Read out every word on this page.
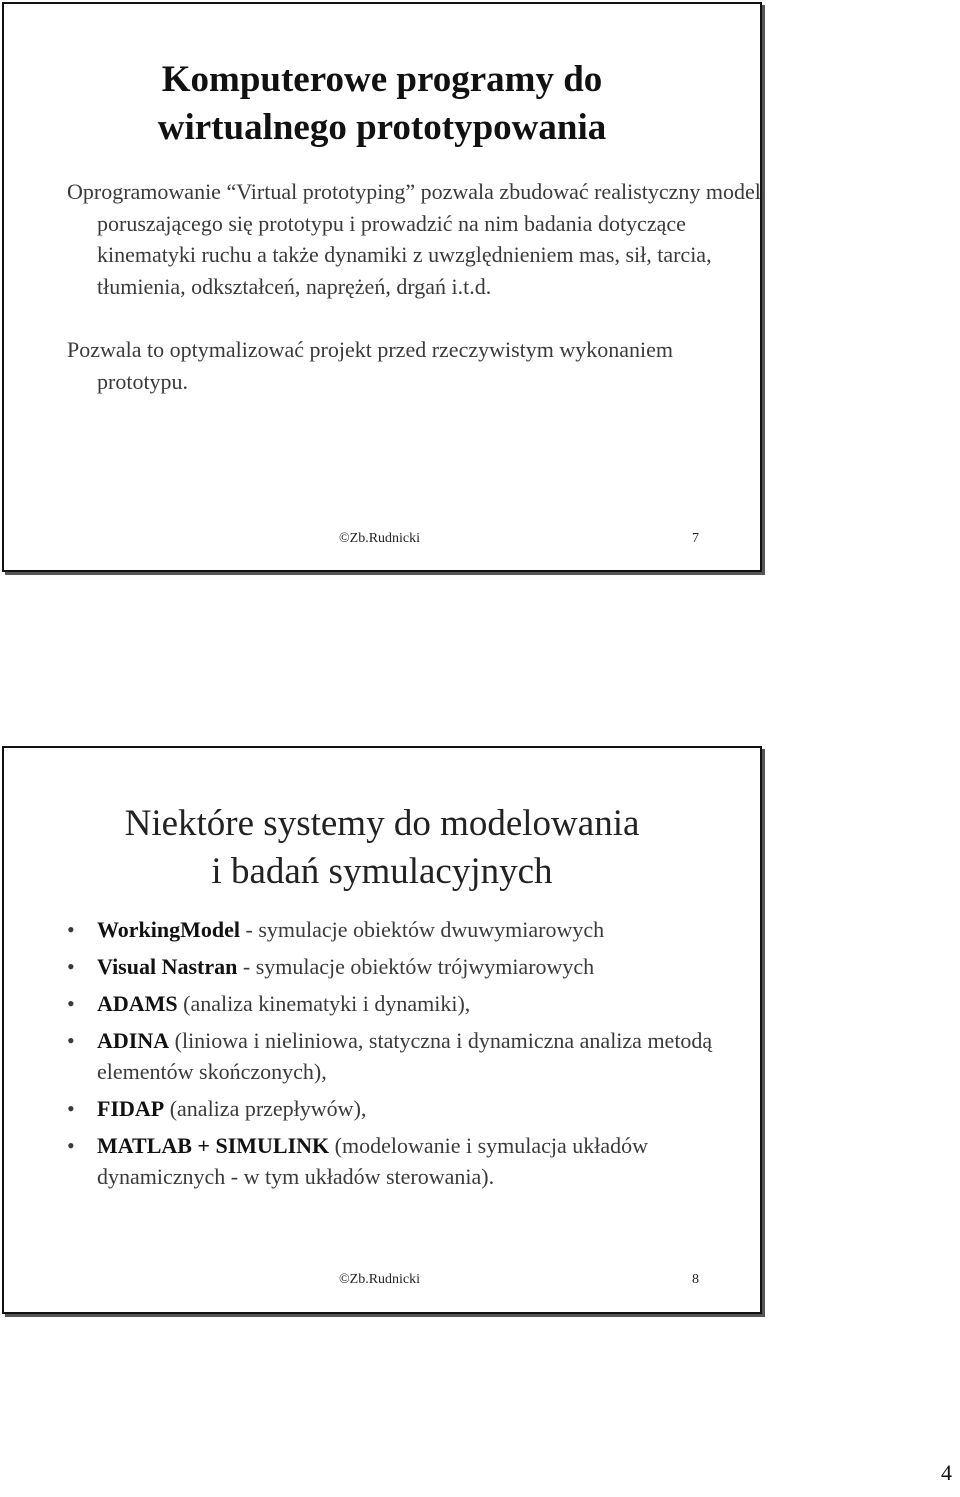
Komputerowe programy do
wirtualnego prototypowania

Oprogramowanie “Virtual prototyping” pozwala zbudować realistyczny model poruszającego się prototypu i prowadzić na nim badania dotyczące kinematyki ruchu a także dynamiki z uwzględnieniem mas, sił, tarcia, tłumienia, odkształceń, naprężeń, drgań i.t.d.

Pozwala to optymalizować projekt przed rzeczywistym wykonaniem prototypu.

©Zb.Rudnicki	7
Niektóre systemy do modelowania
i badań symulacyjnych
•	WorkingModel - symulacje obiektów dwuwymiarowych
•	Visual Nastran - symulacje obiektów trójwymiarowych
•	ADAMS (analiza kinematyki i dynamiki),
•	ADINA (liniowa i nieliniowa, statyczna i dynamiczna analiza metodą elementów skończonych),
•	FIDAP (analiza przepływów),
•	MATLAB + SIMULINK (modelowanie i symulacja układów dynamicznych - w tym układów sterowania).
©Zb.Rudnicki	8
4
